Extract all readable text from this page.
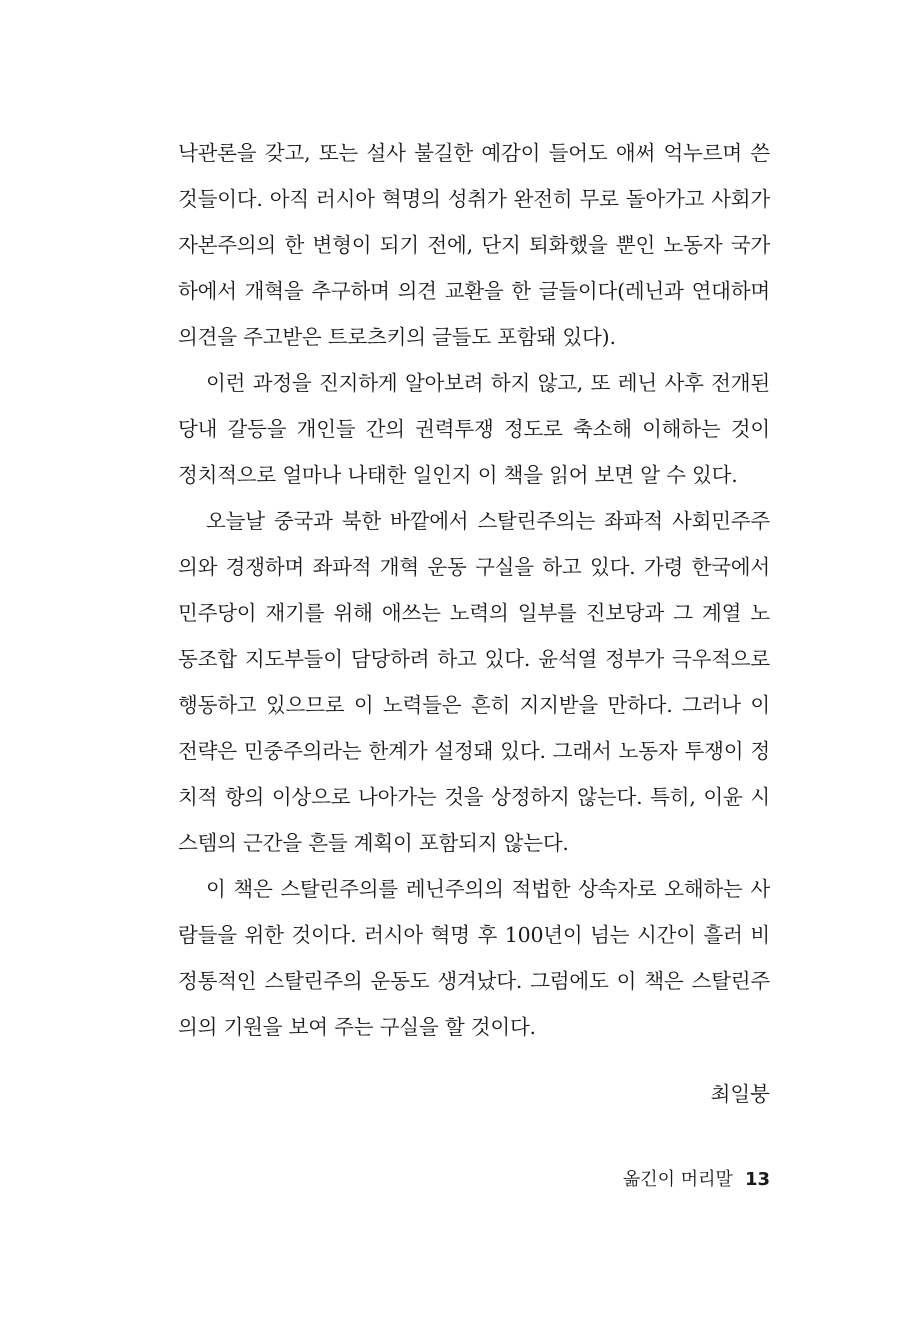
낙관론을 갖고, 또는 설사 불길한 예감이 들어도 애써 억누르며 쓴
것들이다. 아직 러시아 혁명의 성취가 완전히 무로 돌아가고 사회가
자본주의의 한 변형이 되기 전에, 단지 퇴화했을 뿐인 노동자 국가
하에서 개혁을 추구하며 의견 교환을 한 글들이다(레닌과 연대하며
의견을 주고받은 트로츠키의 글들도 포함돼 있다).
이런 과정을 진지하게 알아보려 하지 않고, 또 레닌 사후 전개된
당내 갈등을 개인들 간의 권력투쟁 정도로 축소해 이해하는 것이
정치적으로 얼마나 나태한 일인지 이 책을 읽어 보면 알 수 있다.
오늘날 중국과 북한 바깥에서 스탈린주의는 좌파적 사회민주주
의와 경쟁하며 좌파적 개혁 운동 구실을 하고 있다. 가령 한국에서
민주당이 재기를 위해 애쓰는 노력의 일부를 진보당과 그 계열 노
동조합 지도부들이 담당하려 하고 있다. 윤석열 정부가 극우적으로
행동하고 있으므로 이 노력들은 흔히 지지받을 만하다. 그러나 이
전략은 민중주의라는 한계가 설정돼 있다. 그래서 노동자 투쟁이 정
치적 항의 이상으로 나아가는 것을 상정하지 않는다. 특히, 이윤 시
스템의 근간을 흔들 계획이 포함되지 않는다.
이 책은 스탈린주의를 레닌주의의 적법한 상속자로 오해하는 사
람들을 위한 것이다. 러시아 혁명 후 100년이 넘는 시간이 흘러 비
정통적인 스탈린주의 운동도 생겨났다. 그럼에도 이 책은 스탈린주
의의 기원을 보여 주는 구실을 할 것이다.
최일붕
옮긴이 머리말 13
